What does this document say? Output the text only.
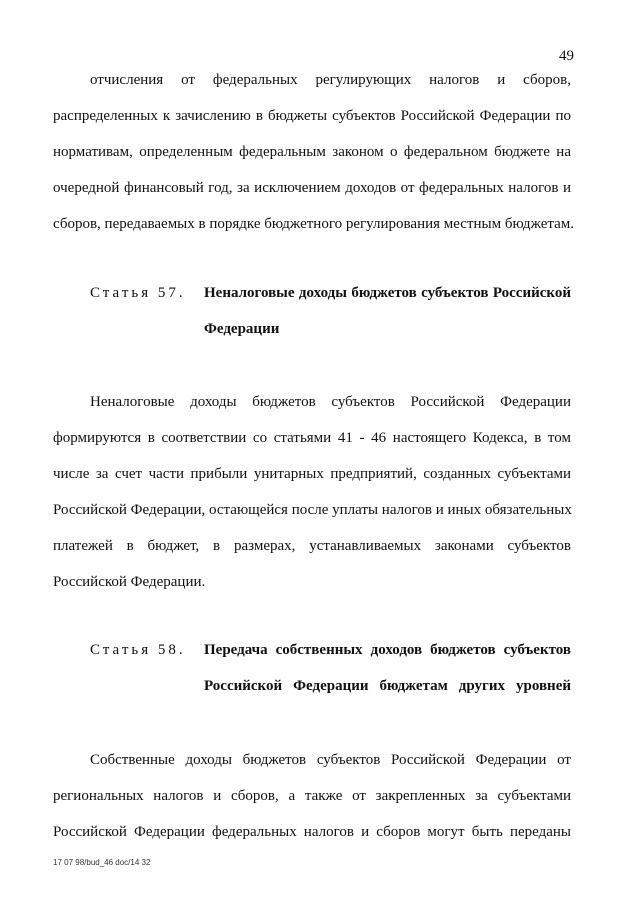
49
отчисления от федеральных регулирующих налогов и сборов,
распределенных к зачислению в бюджеты субъектов Российской Федерации по
нормативам, определенным федеральным законом о федеральном бюджете на
очередной финансовый год, за исключением доходов от федеральных налогов и
сборов, передаваемых в порядке бюджетного регулирования местным бюджетам.
Статья 57. Неналоговые доходы бюджетов субъектов Российской
Федерации
Неналоговые доходы бюджетов субъектов Российской Федерации
формируются в соответствии со статьями 41 - 46 настоящего Кодекса, в том
числе за счет части прибыли унитарных предприятий, созданных субъектами
Российской Федерации, остающейся после уплаты налогов и иных обязательных
платежей в бюджет, в размерах, устанавливаемых законами субъектов
Российской Федерации.
Статья 58. Передача собственных доходов бюджетов субъектов
Российской Федерации бюджетам других уровней
Собственные доходы бюджетов субъектов Российской Федерации от
региональных налогов и сборов, а также от закрепленных за субъектами
Российской Федерации федеральных налогов и сборов могут быть переданы
17 07 98/bud_46 doc/14 32
